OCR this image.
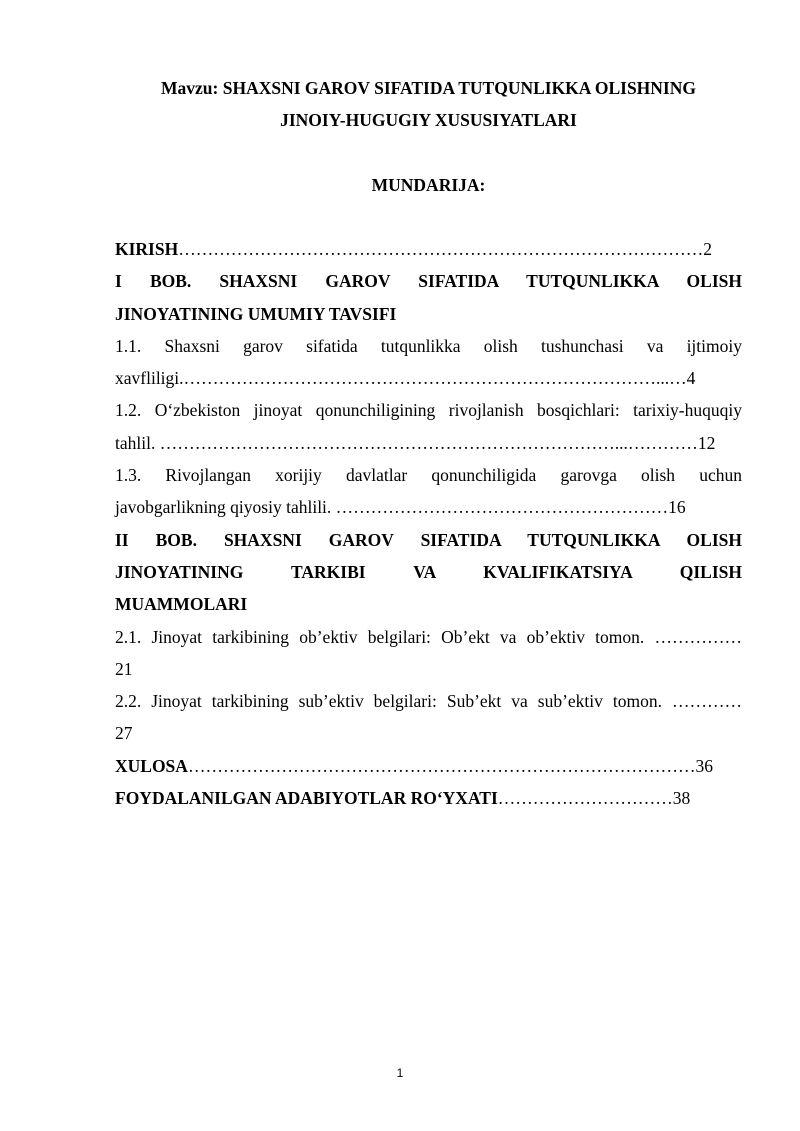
Mavzu: SHAXSNI GAROV SIFATIDA TUTQUNLIKKA OLISHNING
JINOIY-HUGUGIY XUSUSIYATLARI
MUNDARIJA:
KIRISH………………………………………………………………………………2
I BOB. SHAXSNI GAROV SIFATIDA TUTQUNLIKKA OLISH
JINOYATINING UMUMIY TAVSIFI
1.1. Shaxsni garov sifatida tutqunlikka olish tushunchasi va ijtimoiy
xavfliligi.………………………………………………………………………...…4
1.2. O‘zbekiston jinoyat qonunchiligining rivojlanish bosqichlari: tarixiy-huquqiy
tahlil. ……………………………………………………………………...…………12
1.3. Rivojlangan xorijiy davlatlar qonunchiligida garovga olish uchun
javobgarlikning qiyosiy tahlili. …………………………………………………16
II BOB. SHAXSNI GAROV SIFATIDA TUTQUNLIKKA OLISH
JINOYATINING TARKIBI VA KVALIFIKATSIYA QILISH
MUAMMOLARI
2.1. Jinoyat tarkibining ob’ektiv belgilari: Ob’ekt va ob’ektiv tomon. ……………
21
2.2. Jinoyat tarkibining sub’ektiv belgilari: Sub’ekt va sub’ektiv tomon. …………
27
XULOSA……………………………………………………………………………36
FOYDALANILGAN ADABIYOTLAR RO‘YXATI…………………………38
1
